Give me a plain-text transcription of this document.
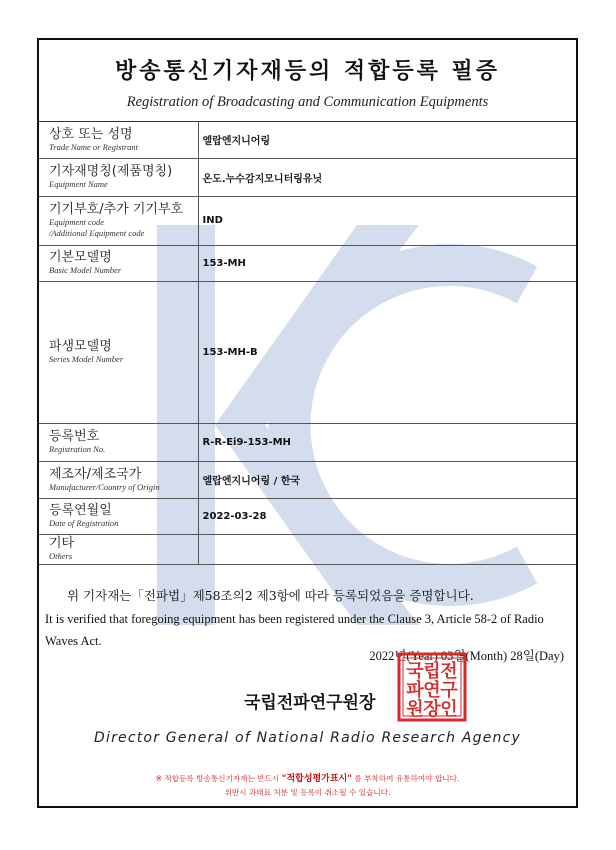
방송통신기자재등의 적합등록 필증
Registration of Broadcasting and Communication Equipments
상호 또는 성명
Trade Name or Registrant	엘랍엔지니어링

기자재명칭(제품명칭)
Equipment Name	온도.누수감지모니터링유닛

기기부호/추가 기기부호
Equipment code
/Additional Equipment code	IND

기본모델명
Basic Model Number	153-MH

파생모델명
Series Model Number	153-MH-B

등록번호
Registration No.	R-R-Ei9-153-MH

제조자/제조국가
Manufacturer/Country of Origin	엘랍엔지니어링 / 한국

등록연월일
Date of Registration	2022-03-28

기타
Others	

위 기자재는「전파법」제58조의2 제3항에 따라 등록되었음을 증명합니다.
It is verified that foregoing equipment has been registered under the Clause 3, Article 58-2 of Radio Waves Act.
2022년(Year) 03월(Month) 28일(Day)
국립전파연구원장
국 립 전
파 연 구
원 장 인
Director General of National Radio Research Agency
※ 적합등록 방송통신기자재는 반드시 "적합성평가표시" 를 부착하여 유통하여야 합니다.
위반시 과태료 처분 및 등록이 취소될 수 있습니다.
